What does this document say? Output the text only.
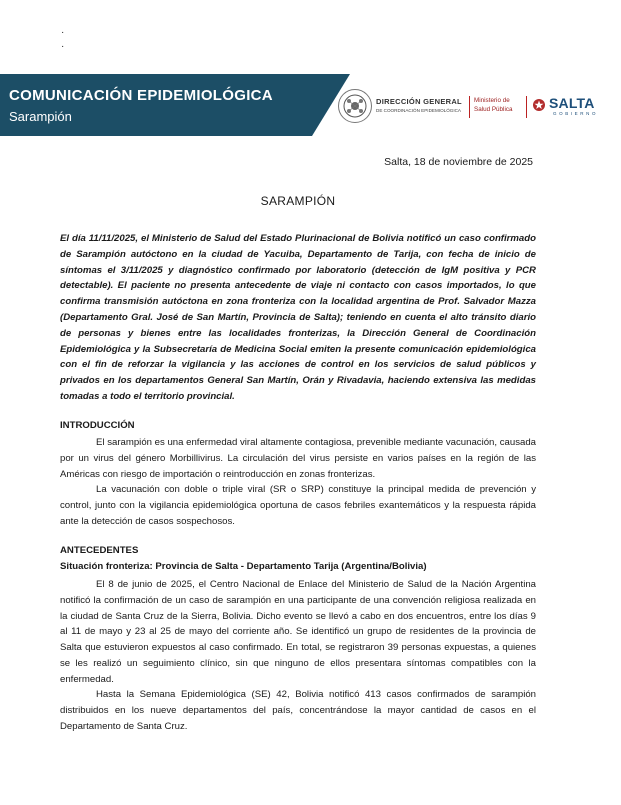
·
·
COMUNICACIÓN EPIDEMIOLÓGICA
Sarampión
DIRECCIÓN GENERAL
DE COORDINACIÓN EPIDEMIOLÓGICA
Ministerio de
Salud Pública	SALTA
GOBIERNO
Salta, 18 de noviembre de 2025
SARAMPIÓN

El día 11/11/2025, el Ministerio de Salud del Estado Plurinacional de Bolivia notificó un caso confirmado de Sarampión autóctono en la ciudad de Yacuiba, Departamento de Tarija, con fecha de inicio de síntomas el 3/11/2025 y diagnóstico confirmado por laboratorio (detección de IgM positiva y PCR detectable). El paciente no presenta antecedente de viaje ni contacto con casos importados, lo que confirma transmisión autóctona en zona fronteriza con la localidad argentina de Prof. Salvador Mazza (Departamento Gral. José de San Martín, Provincia de Salta); teniendo en cuenta el alto tránsito diario de personas y bienes entre las localidades fronterizas, la Dirección General de Coordinación Epidemiológica y la Subsecretaría de Medicina Social emiten la presente comunicación epidemiológica con el fin de reforzar la vigilancia y las acciones de control en los servicios de salud públicos y privados en los departamentos General San Martín, Orán y Rivadavia, haciendo extensiva las medidas tomadas a todo el territorio provincial.

INTRODUCCIÓN

El sarampión es una enfermedad viral altamente contagiosa, prevenible mediante vacunación, causada por un virus del género Morbillivirus. La circulación del virus persiste en varios países en la región de las Américas con riesgo de importación o reintroducción en zonas fronterizas.

La vacunación con doble o triple viral (SR o SRP) constituye la principal medida de prevención y control, junto con la vigilancia epidemiológica oportuna de casos febriles exantemáticos y la respuesta rápida ante la detección de casos sospechosos.

ANTECEDENTES
Situación fronteriza: Provincia de Salta - Departamento Tarija (Argentina/Bolivia)

El 8 de junio de 2025, el Centro Nacional de Enlace del Ministerio de Salud de la Nación Argentina notificó la confirmación de un caso de sarampión en una participante de una convención religiosa realizada en la ciudad de Santa Cruz de la Sierra, Bolivia. Dicho evento se llevó a cabo en dos encuentros, entre los días 9 al 11 de mayo y 23 al 25 de mayo del corriente año. Se identificó un grupo de residentes de la provincia de Salta que estuvieron expuestos al caso confirmado. En total, se registraron 39 personas expuestas, a quienes se les realizó un seguimiento clínico, sin que ninguno de ellos presentara síntomas compatibles con la enfermedad.

Hasta la Semana Epidemiológica (SE) 42, Bolivia notificó 413 casos confirmados de sarampión distribuidos en los nueve departamentos del país, concentrándose la mayor cantidad de casos en el Departamento de Santa Cruz.
